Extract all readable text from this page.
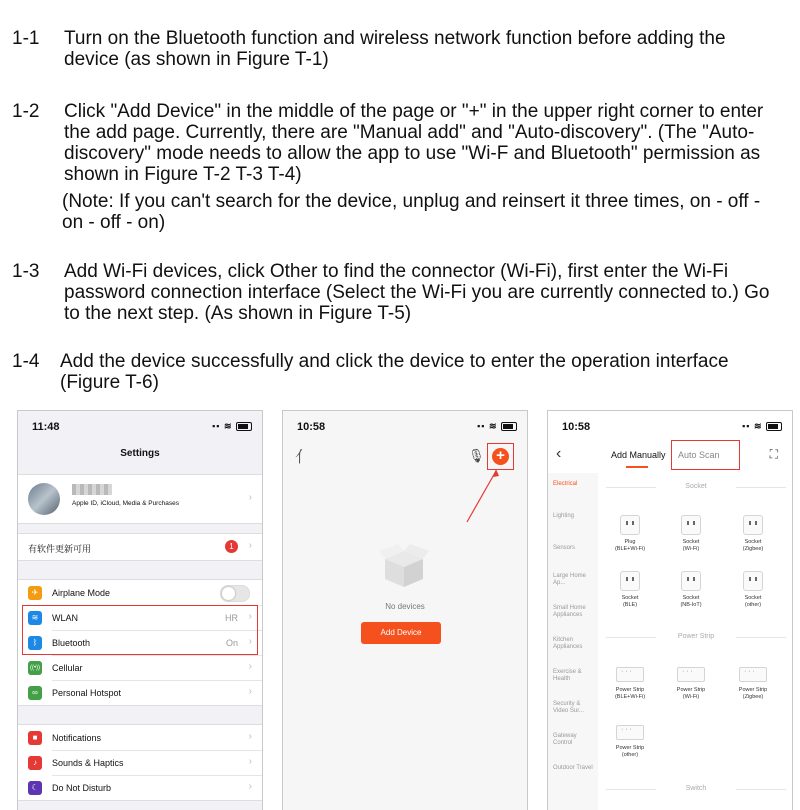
1-1 Turn on the Bluetooth function and wireless network function before adding the device (as shown in Figure T-1)
1-2 Click "Add Device" in the middle of the page or "+" in the upper right corner to enter the add page. Currently, there are "Manual add" and "Auto-discovery". (The "Auto-discovery" mode needs to allow the app to use "Wi-F and Bluetooth" permission as shown in Figure T-2 T-3 T-4)
(Note: If you can't search for the device, unplug and reinsert it three times, on - off - on - off - on)
1-3 Add Wi-Fi devices, click Other to find the connector (Wi-Fi), first enter the Wi-Fi password connection interface (Select the Wi-Fi you are currently connected to.) Go to the next step. (As shown in Figure T-5)
1-4 Add the device successfully and click the device to enter the operation interface (Figure T-6)
11:48	▪▪ ≋
Settings
Apple ID, iCloud, Media & Purchases
›
有软件更新可用	1	›
✈	Airplane Mode
≋	WLAN	HR ›
ᛒ	Bluetooth	On ›
((•)) Cellular	›
∞	Personal Hotspot	›
■	Notifications	›
♪	Sounds & Haptics	›
☾	Do Not Disturb	›
10:58	▪▪ ≋
⺅	🎙 +
No devices
Add Device
10:58	▪▪ ≋
‹	Add Manually Auto Scan	⛶
Electrical
Lighting
Sensors
Large Home Ap...
Small Home Appliances
Kitchen Appliances
Exercise & Health
Security & Video Sur...
Gateway Control
Outdoor Travel
Socket
Plug
(BLE+Wi-Fi)
Socket
(Wi-Fi)
Socket
(Zigbee)
Socket
(BLE)
Socket
(NB-IoT)
Socket
(other)
Power Strip
· · ·
Power Strip
(BLE+Wi-Fi)
· · ·
Power Strip
(Wi-Fi)
· · ·
Power Strip
(Zigbee)
· · ·
Power Strip
(other)
Switch
